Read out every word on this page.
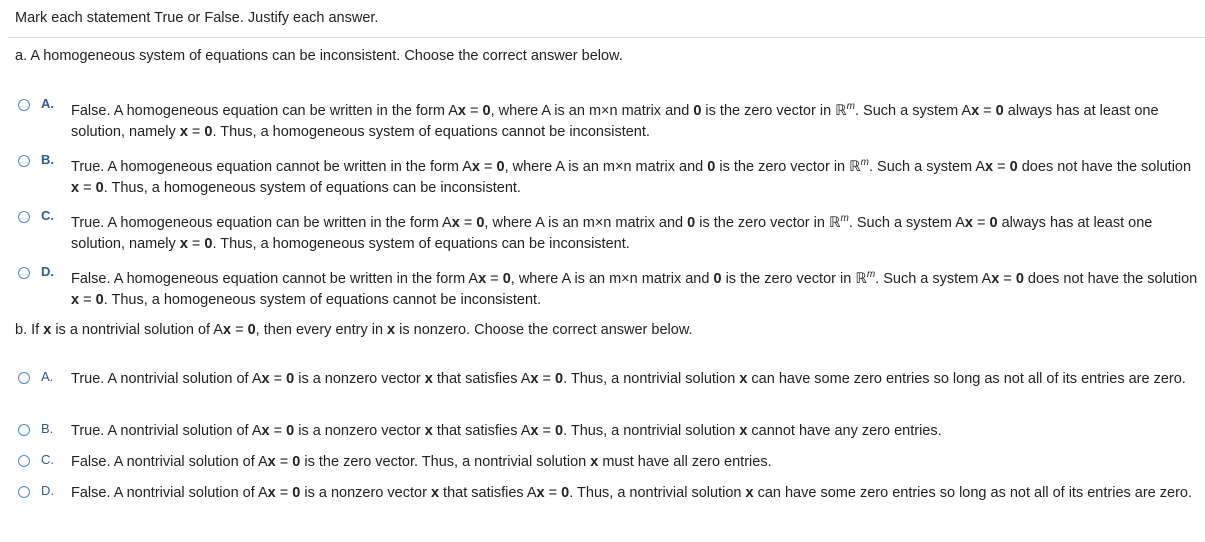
Mark each statement True or False. Justify each answer.
a. A homogeneous system of equations can be inconsistent. Choose the correct answer below.
A. False. A homogeneous equation can be written in the form Ax = 0, where A is an m×n matrix and 0 is the zero vector in ℝ$^m$. Such a system Ax = 0 always has at least one solution, namely x = 0. Thus, a homogeneous system of equations cannot be inconsistent.
B. True. A homogeneous equation cannot be written in the form Ax = 0, where A is an m×n matrix and 0 is the zero vector in ℝ$^m$. Such a system Ax = 0 does not have the solution x = 0. Thus, a homogeneous system of equations can be inconsistent.
C. True. A homogeneous equation can be written in the form Ax = 0, where A is an m×n matrix and 0 is the zero vector in ℝ$^m$. Such a system Ax = 0 always has at least one solution, namely x = 0. Thus, a homogeneous system of equations can be inconsistent.
D. False. A homogeneous equation cannot be written in the form Ax = 0, where A is an m×n matrix and 0 is the zero vector in ℝ$^m$. Such a system Ax = 0 does not have the solution x = 0. Thus, a homogeneous system of equations cannot be inconsistent.
b. If x is a nontrivial solution of Ax = 0, then every entry in x is nonzero. Choose the correct answer below.
A. True. A nontrivial solution of Ax = 0 is a nonzero vector x that satisfies Ax = 0. Thus, a nontrivial solution x can have some zero entries so long as not all of its entries are zero.
B. True. A nontrivial solution of Ax = 0 is a nonzero vector x that satisfies Ax = 0. Thus, a nontrivial solution x cannot have any zero entries.
C. False. A nontrivial solution of Ax = 0 is the zero vector. Thus, a nontrivial solution x must have all zero entries.
D. False. A nontrivial solution of Ax = 0 is a nonzero vector x that satisfies Ax = 0. Thus, a nontrivial solution x can have some zero entries so long as not all of its entries are zero.
